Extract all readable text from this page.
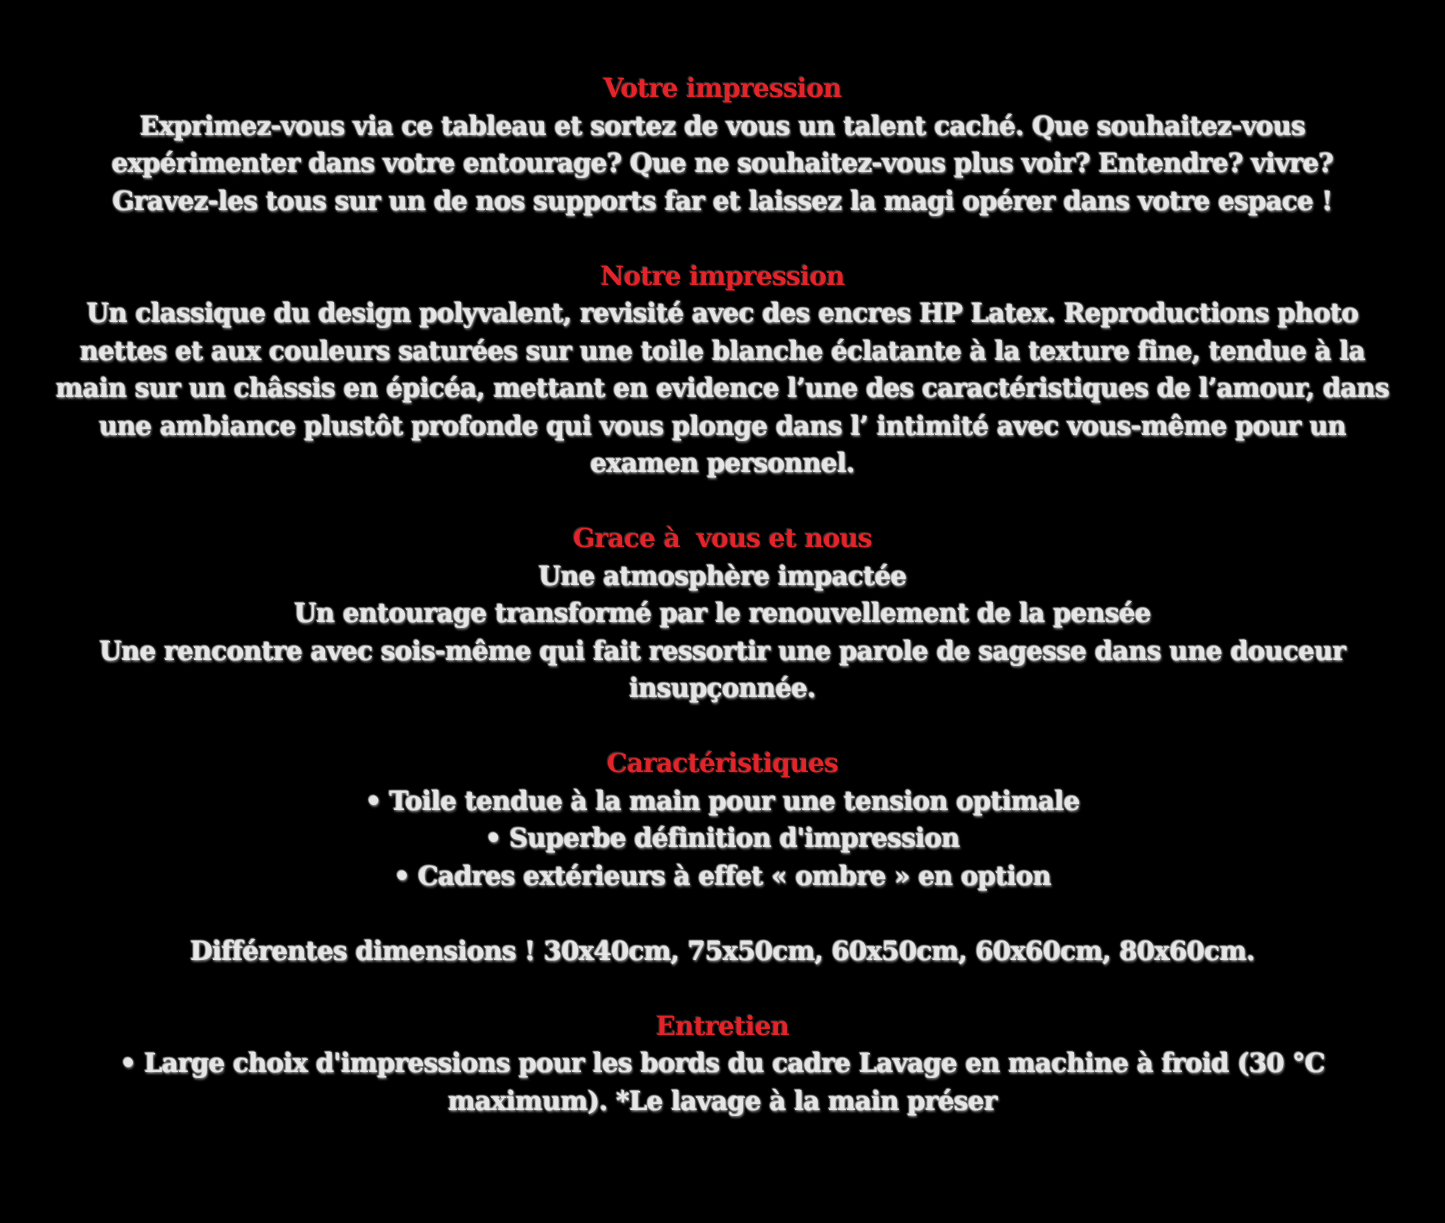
Votre impression

Exprimez-vous via ce tableau et sortez de vous un talent caché. Que souhaitez-vous

expérimenter dans votre entourage? Que ne souhaitez-vous plus voir? Entendre? vivre?

Gravez-les tous sur un de nos supports far et laissez la magi opérer dans votre espace !

Notre impression

Un classique du design polyvalent, revisité avec des encres HP Latex. Reproductions photo

nettes et aux couleurs saturées sur une toile blanche éclatante à la texture fine, tendue à la

main sur un châssis en épicéa, mettant en evidence l’une des caractéristiques de l’amour, dans

une ambiance plustôt profonde qui vous plonge dans l’ intimité avec vous-même pour un

examen personnel.

Grace à  vous et nous

Une atmosphère impactée

Un entourage transformé par le renouvellement de la pensée

Une rencontre avec sois-même qui fait ressortir une parole de sagesse dans une douceur

insupçonnée.

Caractéristiques

• Toile tendue à la main pour une tension optimale

• Superbe définition d'impression

• Cadres extérieurs à effet « ombre » en option

Différentes dimensions ! 30x40cm, 75x50cm, 60x50cm, 60x60cm, 80x60cm.

Entretien

• Large choix d'impressions pour les bords du cadre Lavage en machine à froid (30 °C

maximum). *Le lavage à la main préser
